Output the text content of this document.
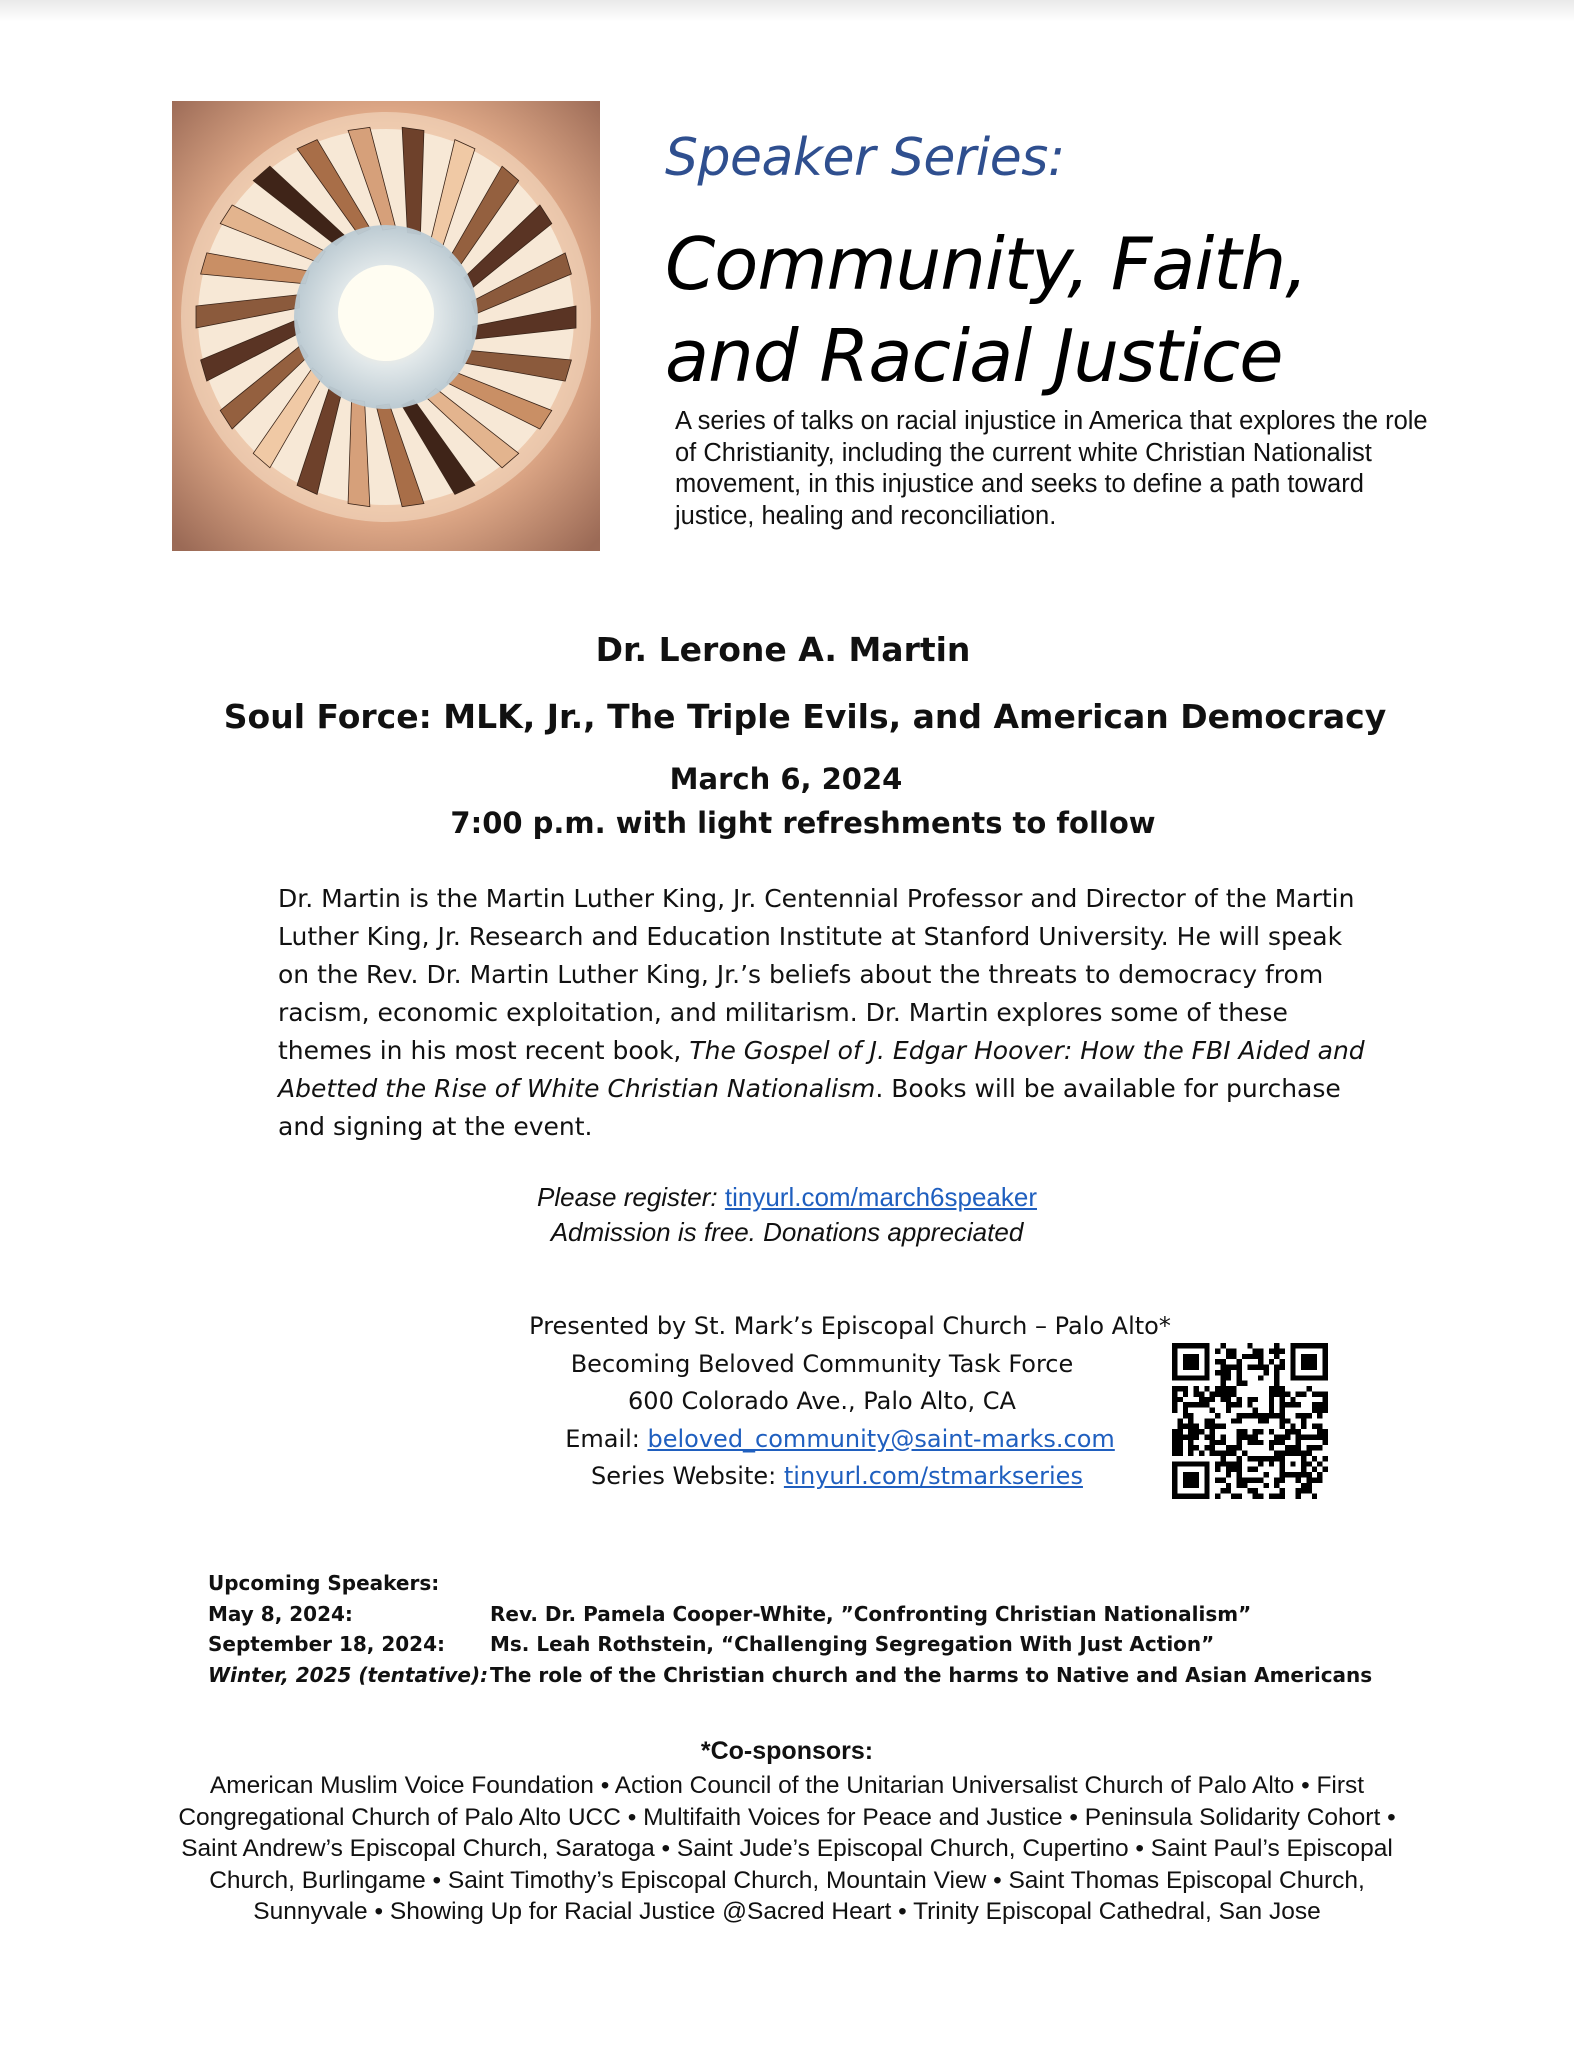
Speaker Series:
Community, Faith,
and Racial Justice
A series of talks on racial injustice in America that explores the role of Christianity, including the current white Christian Nationalist movement, in this injustice and seeks to define a path toward justice, healing and reconciliation.
Dr. Lerone A. Martin
Soul Force: MLK, Jr., The Triple Evils, and American Democracy
March 6, 2024
7:00 p.m. with light refreshments to follow

Dr. Martin is the Martin Luther King, Jr. Centennial Professor and Director of the Martin Luther King, Jr. Research and Education Institute at Stanford University. He will speak on the Rev. Dr. Martin Luther King, Jr.’s beliefs about the threats to democracy from racism, economic exploitation, and militarism. Dr. Martin explores some of these themes in his most recent book, The Gospel of J. Edgar Hoover: How the FBI Aided and Abetted the Rise of White Christian Nationalism. Books will be available for purchase and signing at the event.

Please register: tinyurl.com/march6speaker
Admission is free. Donations appreciated
Presented by St. Mark’s Episcopal Church – Palo Alto*
Becoming Beloved Community Task Force
600 Colorado Ave., Palo Alto, CA
Email: beloved_community@saint-marks.com
Series Website: tinyurl.com/stmarkseries
Upcoming Speakers:
May 8, 2024:	Rev. Dr. Pamela Cooper-White, ”Confronting Christian Nationalism”
September 18, 2024:	Ms. Leah Rothstein, “Challenging Segregation With Just Action”
Winter, 2025 (tentative): The role of the Christian church and the harms to Native and Asian Americans
*Co-sponsors:
American Muslim Voice Foundation • Action Council of the Unitarian Universalist Church of Palo Alto • First Congregational Church of Palo Alto UCC • Multifaith Voices for Peace and Justice • Peninsula Solidarity Cohort • Saint Andrew’s Episcopal Church, Saratoga • Saint Jude’s Episcopal Church, Cupertino • Saint Paul’s Episcopal Church, Burlingame • Saint Timothy’s Episcopal Church, Mountain View • Saint Thomas Episcopal Church, Sunnyvale • Showing Up for Racial Justice @Sacred Heart • Trinity Episcopal Cathedral, San Jose
